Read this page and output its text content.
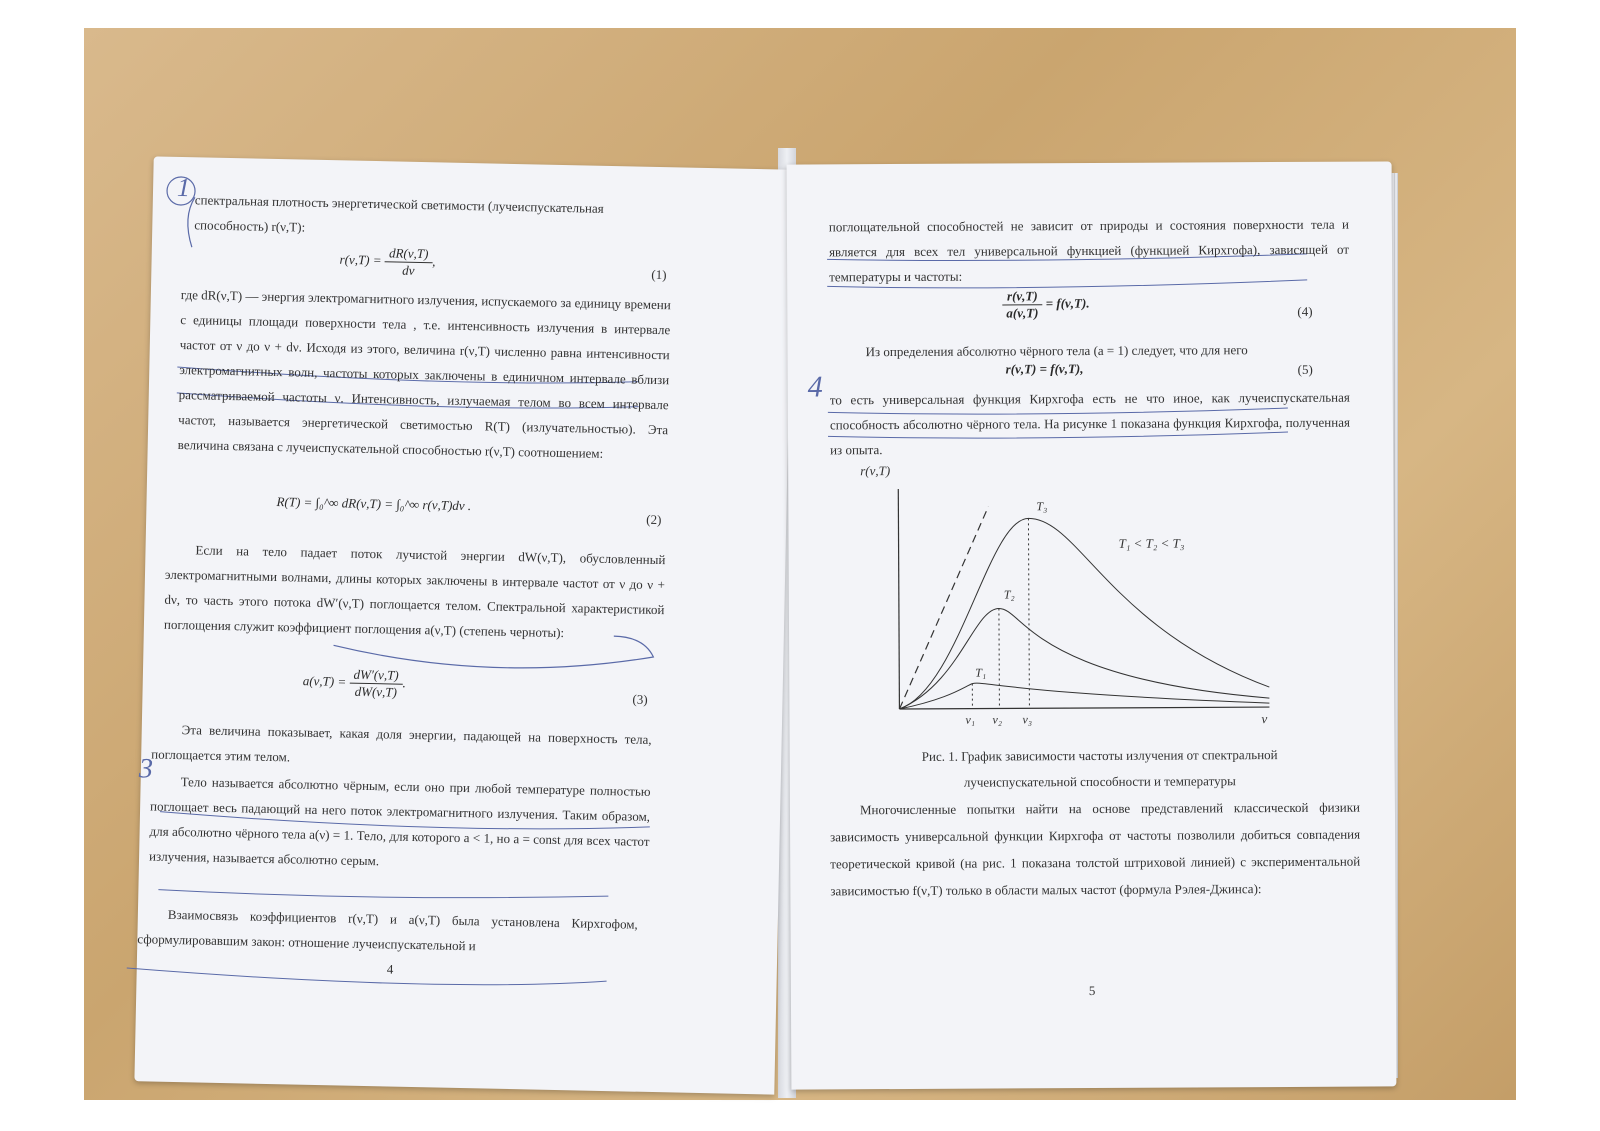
1
3

спектральная плотность энергетической светимости (лучеиспускательная

способность) r(ν,T):

$r(\nu,T) = \frac{dR(\nu,T)}{d\nu}$ ,
(1)
где dR(ν,T) — энергия электромагнитного излучения, испускаемого за единицу времени с единицы площади поверхности тела , т.е. интенсивность излучения в интервале частот от ν до ν + dν. Исходя из этого, величина r(ν,T) численно равна интенсивности электромагнитных волн, частоты которых заключены в единичном интервале вблизи рассматриваемой частоты ν. Интенсивность, излучаемая телом во всем интервале частот, называется энергетической светимостью R(T) (излучательностью). Эта величина связана с лучеиспускательной способностью r(ν,T) соотношением:
R(T) = ∫₀^∞ dR(ν,T) = ∫₀^∞ r(ν,T)dν .
(2)
Если на тело падает поток лучистой энергии dW(ν,T), обусловленный электромагнитными волнами, длины которых заключены в интервале частот от ν до ν + dν, то часть этого потока dW′(ν,T) поглощается телом. Спектральной характеристикой поглощения служит коэффициент поглощения a(ν,T) (степень черноты):
$a(\nu,T) = \frac{dW'(\nu,T)}{dW(\nu,T)}$ .
(3)
Эта величина показывает, какая доля энергии, падающей на поверхность тела, поглощается этим телом.
Тело называется абсолютно чёрным, если оно при любой температуре полностью поглощает весь падающий на него поток электромагнитного излучения. Таким образом, для абсолютно чёрного тела a(ν) = 1. Тело, для которого a < 1, но a = const для всех частот излучения, называется абсолютно серым.
Взаимосвязь коэффициентов r(ν,T) и a(ν,T) была установлена Кирхгофом, сформулировавшим закон: отношение лучеиспускательной и
4
4
поглощательной способностей не зависит от природы и состояния поверхности тела и является для всех тел универсальной функцией (функцией Кирхгофа), зависящей от температуры и частоты:
$\frac{r(\nu,T)}{a(\nu,T)} = f(\nu,T)$.
(4)
Из определения абсолютно чёрного тела (a = 1) следует, что для него
r(ν,T) = f(ν,T),	(5)
то есть универсальная функция Кирхгофа есть не что иное, как лучеиспускательная способность абсолютно чёрного тела. На рисунке 1 показана функция Кирхгофа, полученная из опыта.
r(ν,T)
ν
T₁ < T₂ < T₃
T₁
T₂
T₃
ν₁ ν₂ ν₃
Рис. 1. График зависимости частоты излучения от спектральной
лучеиспускательной способности и температуры
Многочисленные попытки найти на основе представлений классической физики зависимость универсальной функции Кирхгофа от частоты позволили добиться совпадения теоретической кривой (на рис. 1 показана толстой штриховой линией) с экспериментальной зависимостью f(ν,T) только в области малых частот (формула Рэлея-Джинса):
5
